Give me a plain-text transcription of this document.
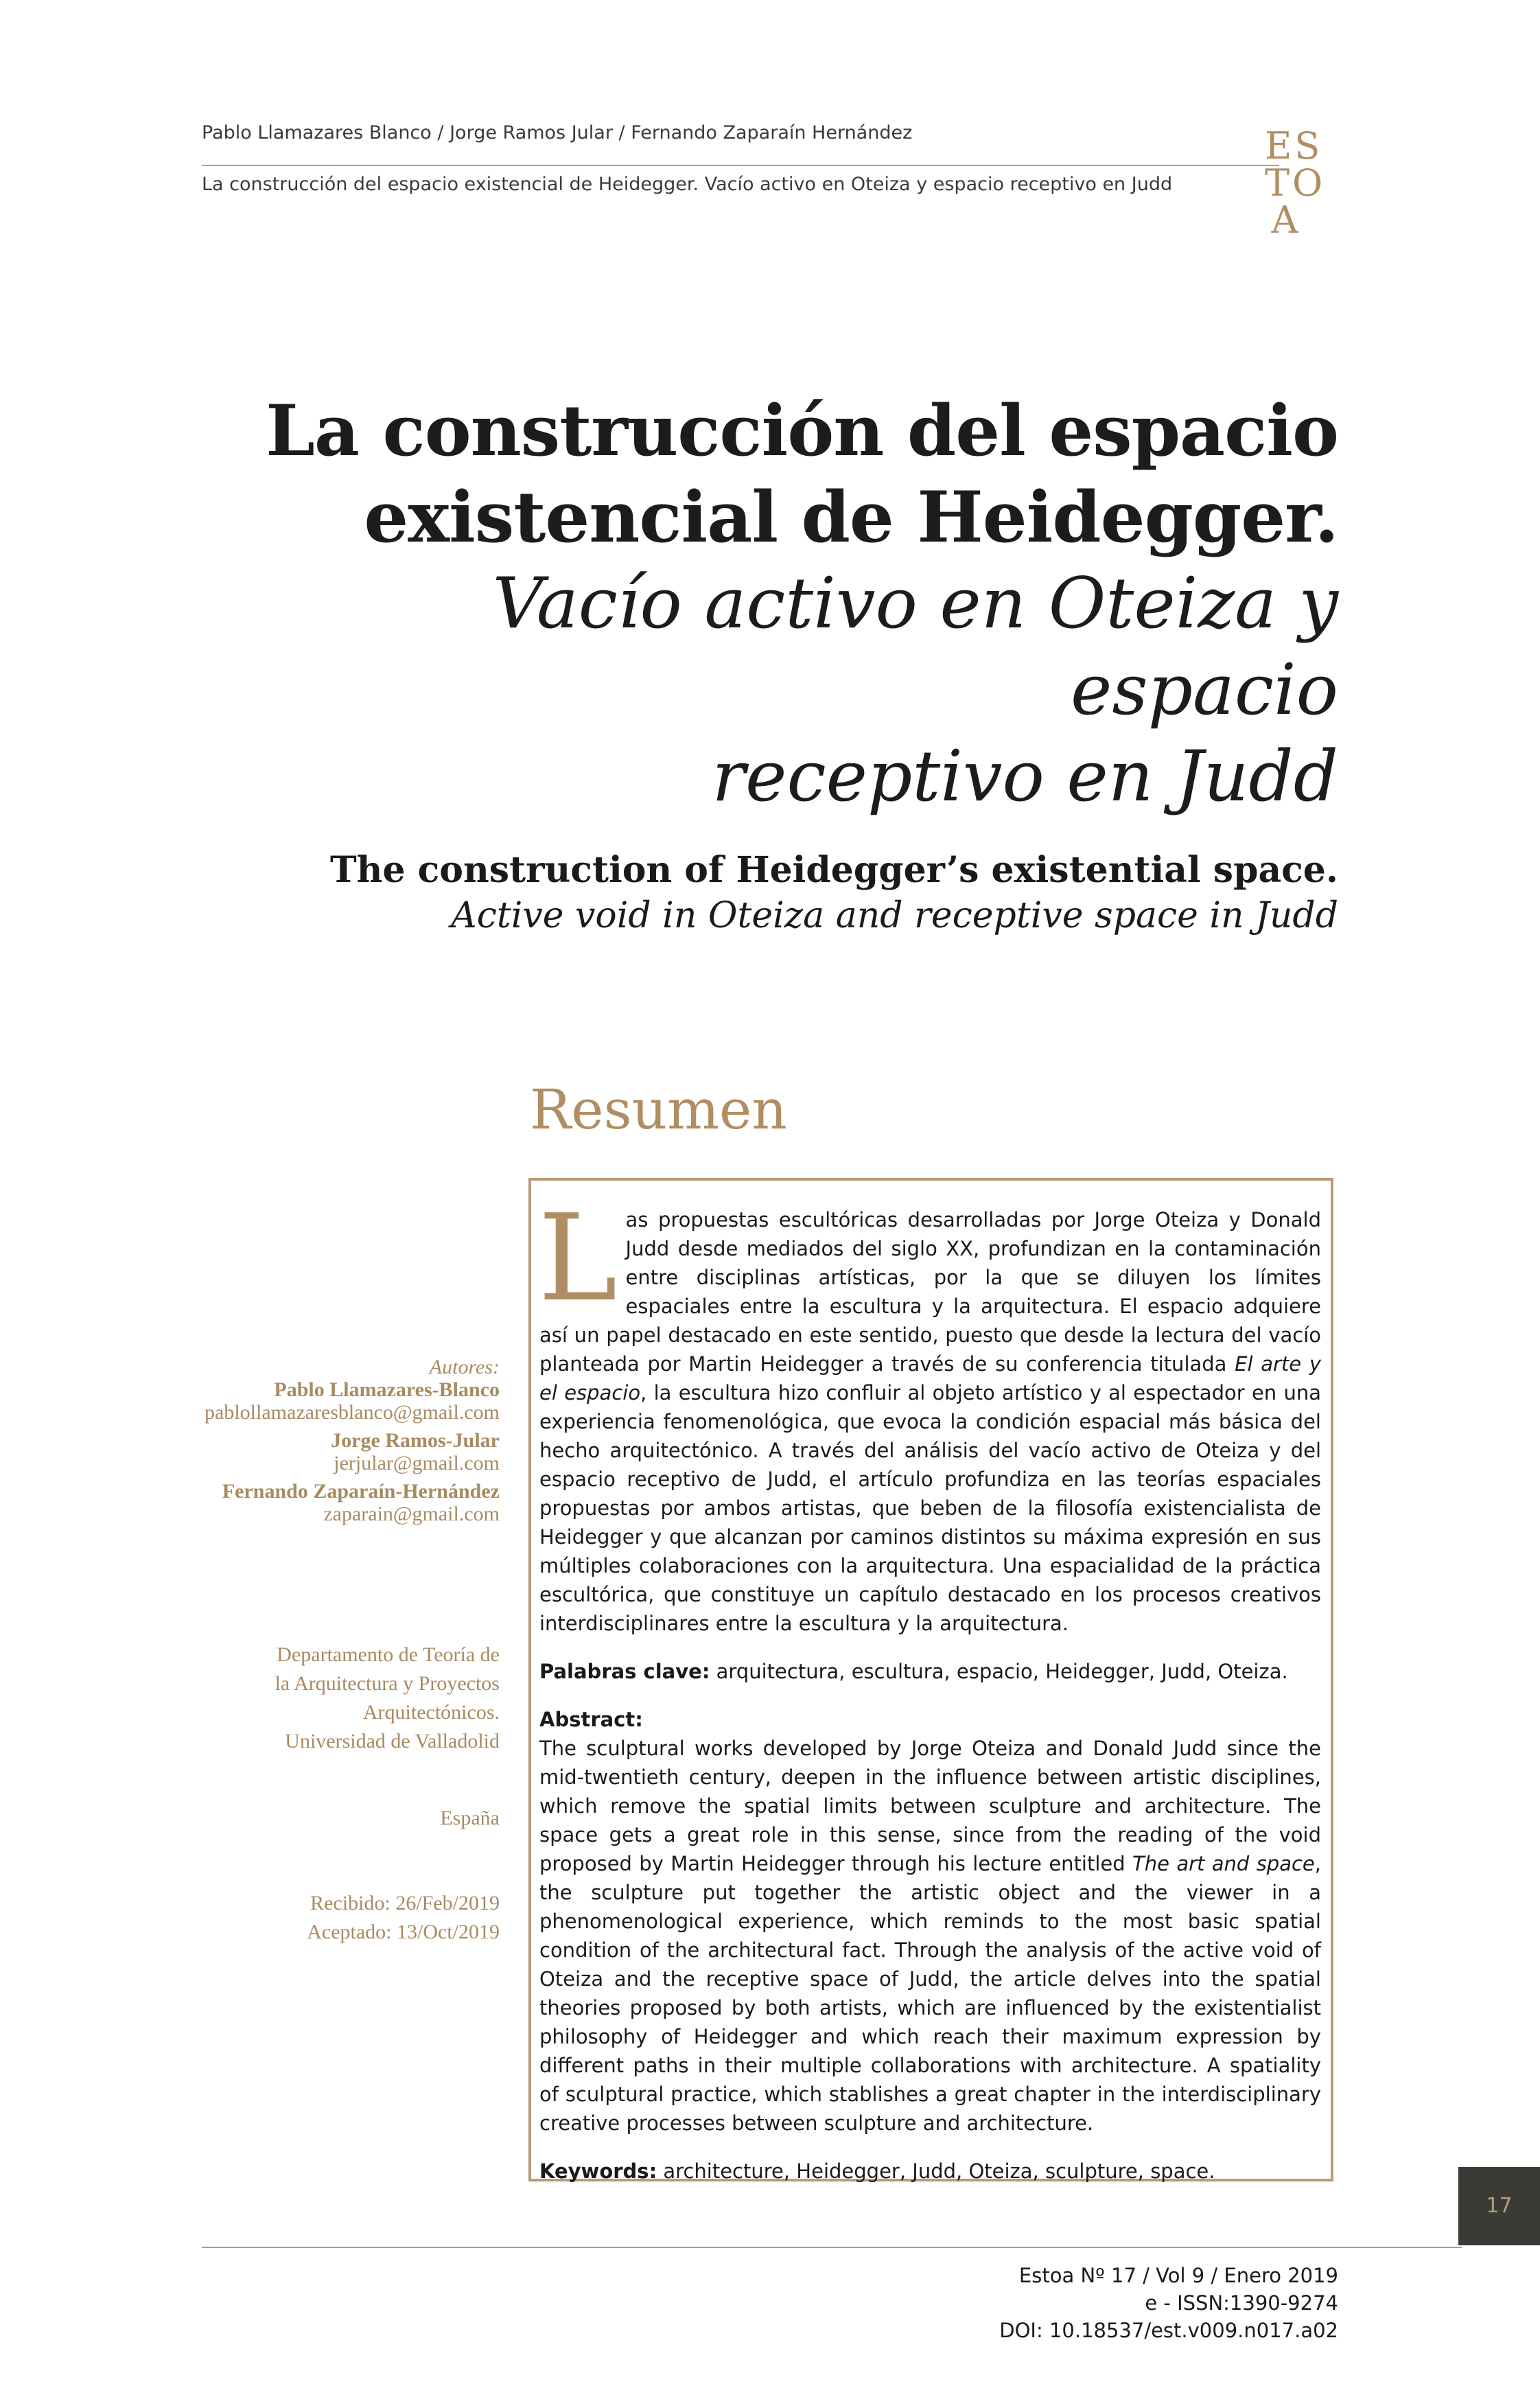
Pablo Llamazares Blanco / Jorge Ramos Jular / Fernando Zaparaín Hernández
La construcción del espacio existencial de Heidegger. Vacío activo en Oteiza y espacio receptivo en Judd
ES
TO
A
La construcción del espacio
existencial de Heidegger.
Vacío activo en Oteiza y espacio
receptivo en Judd
The construction of Heidegger’s existential space.
Active void in Oteiza and receptive space in Judd
Resumen
Autores:
Pablo Llamazares-Blanco
pablollamazaresblanco@gmail.com
Jorge Ramos-Jular
jerjular@gmail.com
Fernando Zaparaín-Hernández
zaparain@gmail.com
Departamento de Teoría de
la Arquitectura y Proyectos
Arquitectónicos.
Universidad de Valladolid
España
Recibido: 26/Feb/2019
Aceptado: 13/Oct/2019

Las propuestas escultóricas desarrolladas por Jorge Oteiza y Donald Judd desde mediados del siglo XX, profundizan en la contaminación entre disciplinas artísticas, por la que se diluyen los límites espaciales entre la escultura y la arquitectura. El espacio adquiere así un papel destacado en este sentido, puesto que desde la lectura del vacío planteada por Martin Heidegger a través de su conferencia titulada El arte y el espacio, la escultura hizo confluir al objeto artístico y al espectador en una experiencia fenomenológica, que evoca la condición espacial más básica del hecho arquitectónico. A través del análisis del vacío activo de Oteiza y del espacio receptivo de Judd, el artículo profundiza en las teorías espaciales propuestas por ambos artistas, que beben de la filosofía existencialista de Heidegger y que alcanzan por caminos distintos su máxima expresión en sus múltiples colaboraciones con la arquitectura. Una espacialidad de la práctica escultórica, que constituye un capítulo destacado en los procesos creativos interdisciplinares entre la escultura y la arquitectura.

Palabras clave: arquitectura, escultura, espacio, Heidegger, Judd, Oteiza.

Abstract:

The sculptural works developed by Jorge Oteiza and Donald Judd since the mid-twentieth century, deepen in the influence between artistic disciplines, which remove the spatial limits between sculpture and architecture. The space gets a great role in this sense, since from the reading of the void proposed by Martin Heidegger through his lecture entitled The art and space, the sculpture put together the artistic object and the viewer in a phenomenological experience, which reminds to the most basic spatial condition of the architectural fact. Through the analysis of the active void of Oteiza and the receptive space of Judd, the article delves into the spatial theories proposed by both artists, which are influenced by the existentialist philosophy of Heidegger and which reach their maximum expression by different paths in their multiple collaborations with architecture. A spatiality of sculptural practice, which stablishes a great chapter in the interdisciplinary creative processes between sculpture and architecture.

Keywords: architecture, Heidegger, Judd, Oteiza, sculpture, space.

17
Estoa Nº 17 / Vol 9 / Enero 2019
e - ISSN:1390-9274
DOI: 10.18537/est.v009.n017.a02
